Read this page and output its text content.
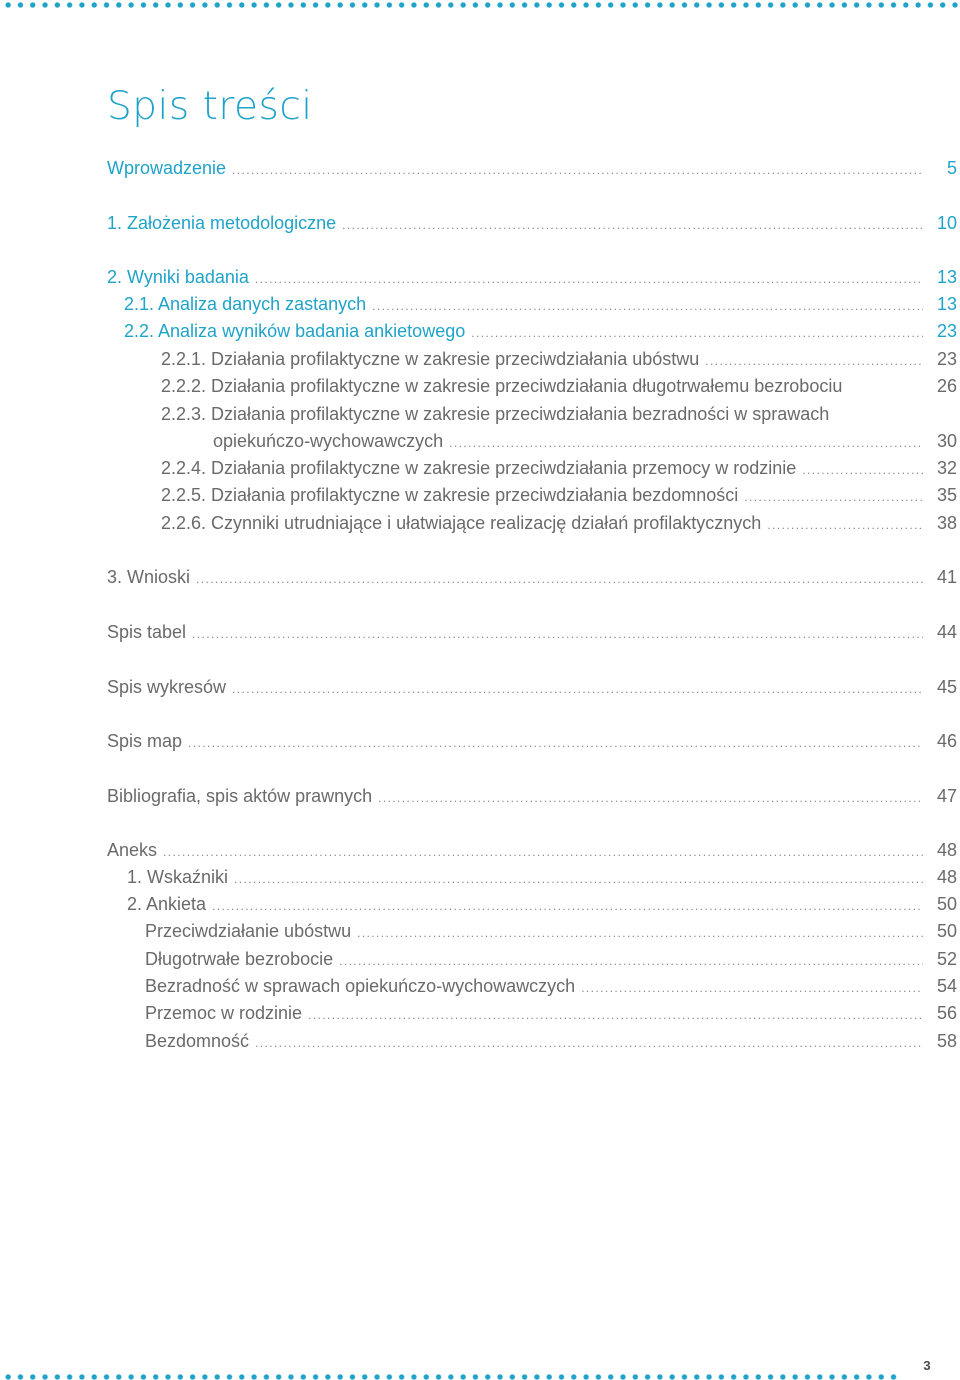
Spis treści
Wprowadzenie .....	5
1. Założenia metodologiczne .....	10
2. Wyniki badania .....	13
2.1. Analiza danych zastanych .....	13
2.2. Analiza wyników badania ankietowego .....	23
2.2.1. Działania profilaktyczne w zakresie przeciwdziałania ubóstwu .....	23
2.2.2. Działania profilaktyczne w zakresie przeciwdziałania długotrwałemu bezrobociu	26
2.2.3. Działania profilaktyczne w zakresie przeciwdziałania bezradności w sprawach
opiekuńczo-wychowawczych .....	30
2.2.4. Działania profilaktyczne w zakresie przeciwdziałania przemocy w rodzinie .....	32
2.2.5. Działania profilaktyczne w zakresie przeciwdziałania bezdomności .....	35
2.2.6. Czynniki utrudniające i ułatwiające realizację działań profilaktycznych .....	38
3. Wnioski .....	41
Spis tabel .....	44
Spis wykresów .....	45
Spis map .....	46
Bibliografia, spis aktów prawnych .....	47
Aneks .....	48
1. Wskaźniki .....	48
2. Ankieta .....	50
Przeciwdziałanie ubóstwu .....	50
Długotrwałe bezrobocie .....	52
Bezradność w sprawach opiekuńczo-wychowawczych .....	54
Przemoc w rodzinie .....	56
Bezdomność .....	58
3
